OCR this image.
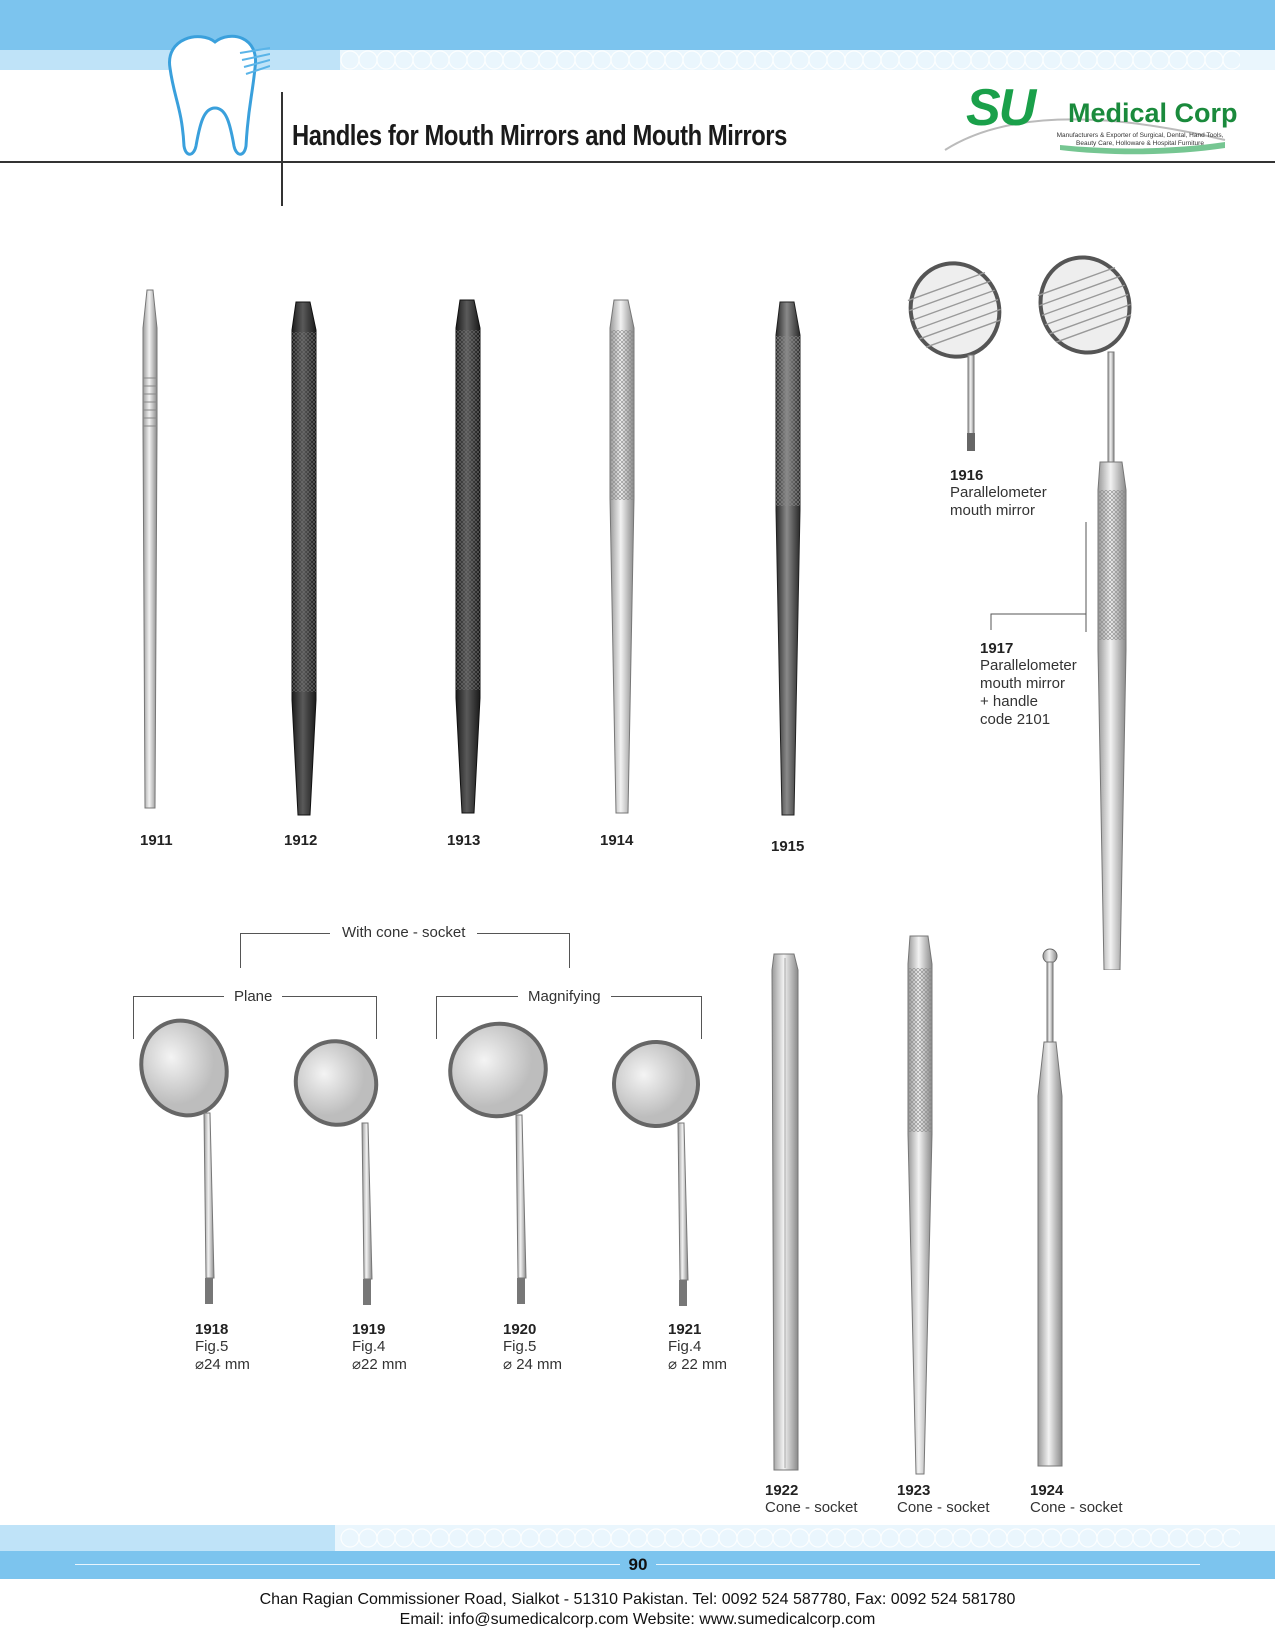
Handles for Mouth Mirrors and Mouth Mirrors	SU Medical Corp
Manufacturers & Exporter of Surgical, Dental, Hand Tools,
Beauty Care, Holloware & Hospital Furniture
1911	1912	1913	1914	1915
1916
Parallelometer
mouth mirror
1917
Parallelometer
mouth mirror
+ handle
code 2101
With cone - socket
Plane	Magnifying
1918
Fig.5
⌀24 mm
1919
Fig.4
⌀22 mm
1920
Fig.5
⌀ 24 mm
1921
Fig.4
⌀ 22 mm
1922
Cone - socket
1923
Cone - socket
1924
Cone - socket
90
Chan Ragian Commissioner Road, Sialkot - 51310 Pakistan. Tel: 0092 524 587780, Fax: 0092 524 581780
Email: info@sumedicalcorp.com Website: www.sumedicalcorp.com
